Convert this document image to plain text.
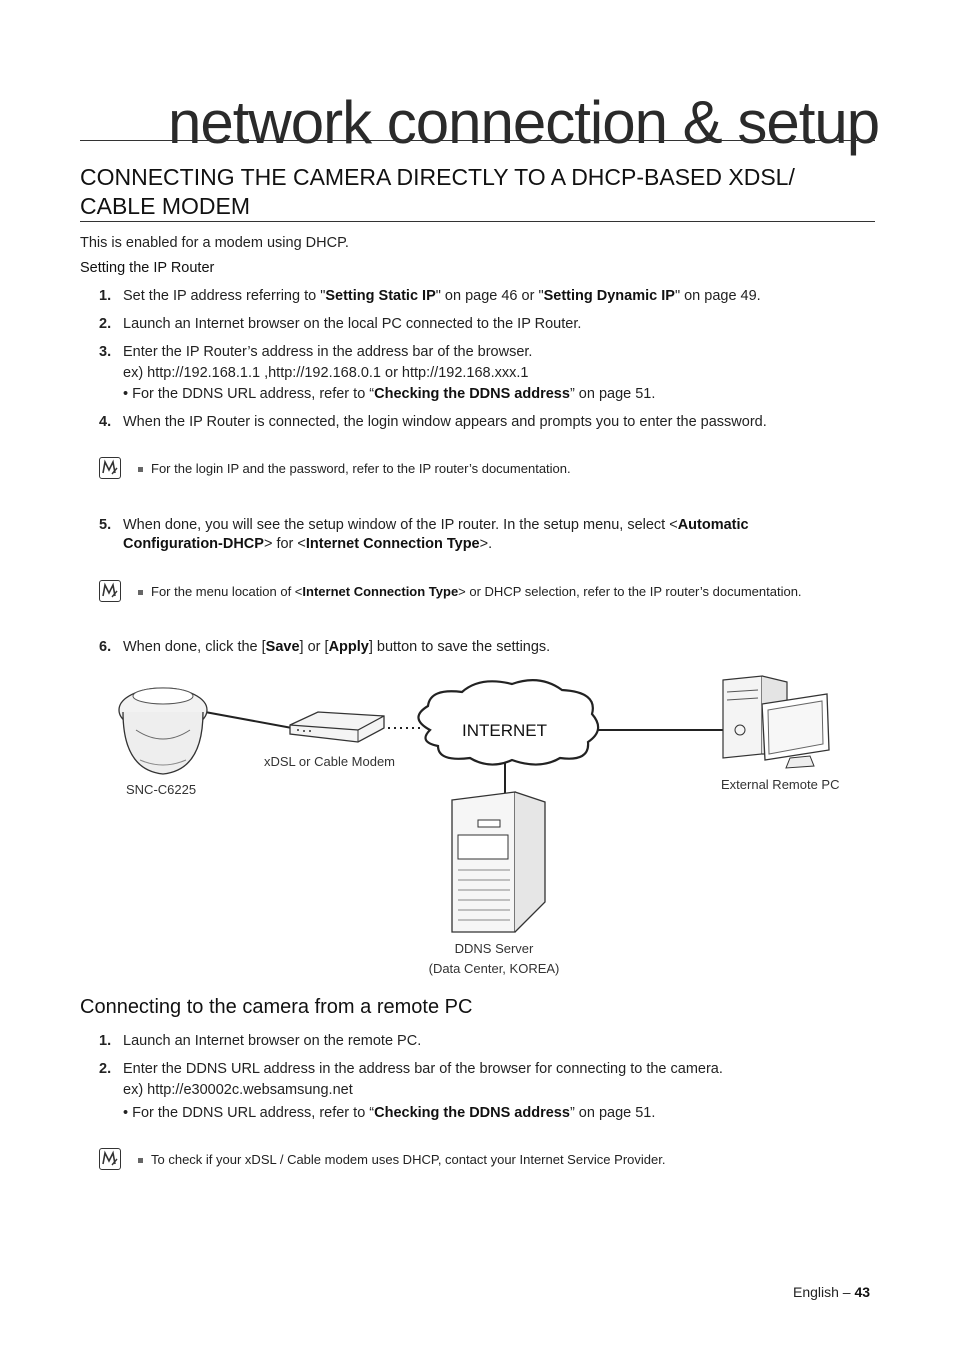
network connection & setup
CONNECTING THE CAMERA DIRECTLY TO A DHCP-BASED XDSL/ CABLE MODEM
This is enabled for a modem using DHCP.
Setting the IP Router
1. Set the IP address referring to "Setting Static IP" on page 46 or "Setting Dynamic IP" on page 49.
2. Launch an Internet browser on the local PC connected to the IP Router.
3. Enter the IP Router’s address in the address bar of the browser.
ex) http://192.168.1.1 ,http://192.168.0.1 or http://192.168.xxx.1
• For the DDNS URL address, refer to “Checking the DDNS address” on page 51.
4. When the IP Router is connected, the login window appears and prompts you to enter the password.
For the login IP and the password, refer to the IP router’s documentation.
5. When done, you will see the setup window of the IP router. In the setup menu, select <Automatic
Configuration-DHCP> for <Internet Connection Type>.
For the menu location of <Internet Connection Type> or DHCP selection, refer to the IP router’s documentation.
6. When done, click the [Save] or [Apply] button to save the settings.
INTERNET
SNC-C6225
xDSL or Cable Modem
External Remote PC
DDNS Server
(Data Center, KOREA)
Connecting to the camera from a remote PC
1. Launch an Internet browser on the remote PC.
2. Enter the DDNS URL address in the address bar of the browser for connecting to the camera.
ex) http://e30002c.websamsung.net
• For the DDNS URL address, refer to “Checking the DDNS address” on page 51.
To check if your xDSL / Cable modem uses DHCP, contact your Internet Service Provider.
English – 43
